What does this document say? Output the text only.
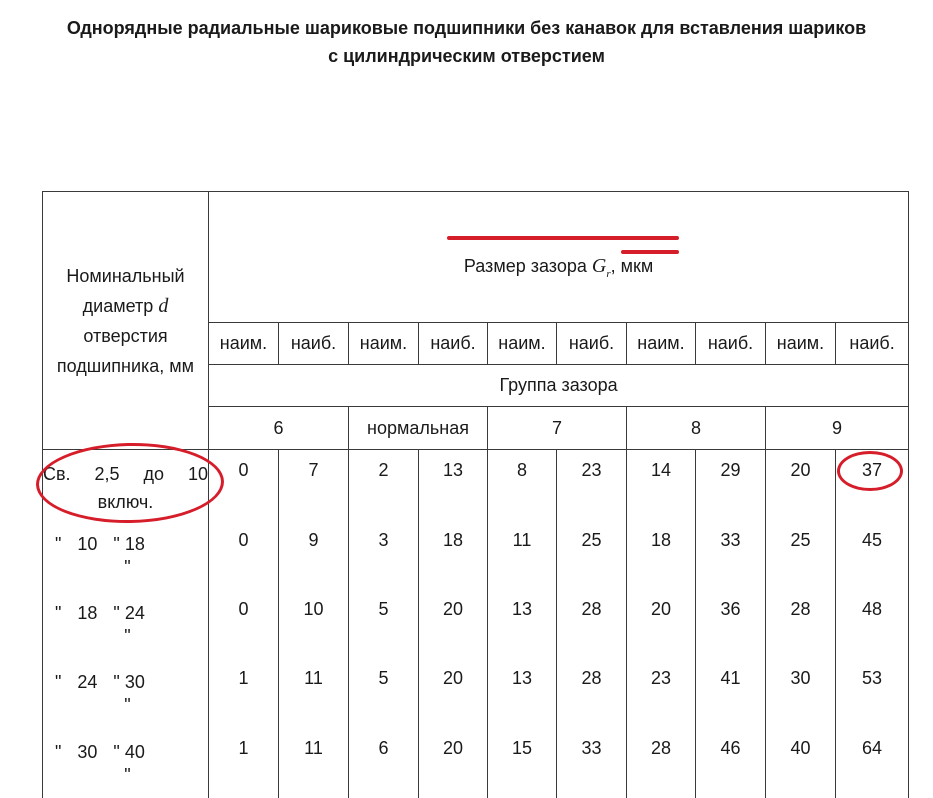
Однорядные радиальные шариковые подшипники без канавок для вставления шариков
с цилиндрическим отверстием
Номинальный
диаметр d
отверстия
подшипника, мм	Размер зазора $G_r$, мкм									
	наим.	наиб.	наим.	наиб.	наим.	наиб.	наим.	наиб.	наим.	наиб.
	Группа зазора									
	6		нормальная		7		8		9	

Св. 2,5 до 10
включ.	0	7	2	13	8	23	14	29	20	37

" 10 " 18
"	0	9	3	18	11	25	18	33	25	45

" 18 " 24
"	0	10	5	20	13	28	20	36	28	48

" 24 " 30
"	1	11	5	20	13	28	23	41	30	53

" 30 " 40
"	1	11	6	20	15	33	28	46	40	64
